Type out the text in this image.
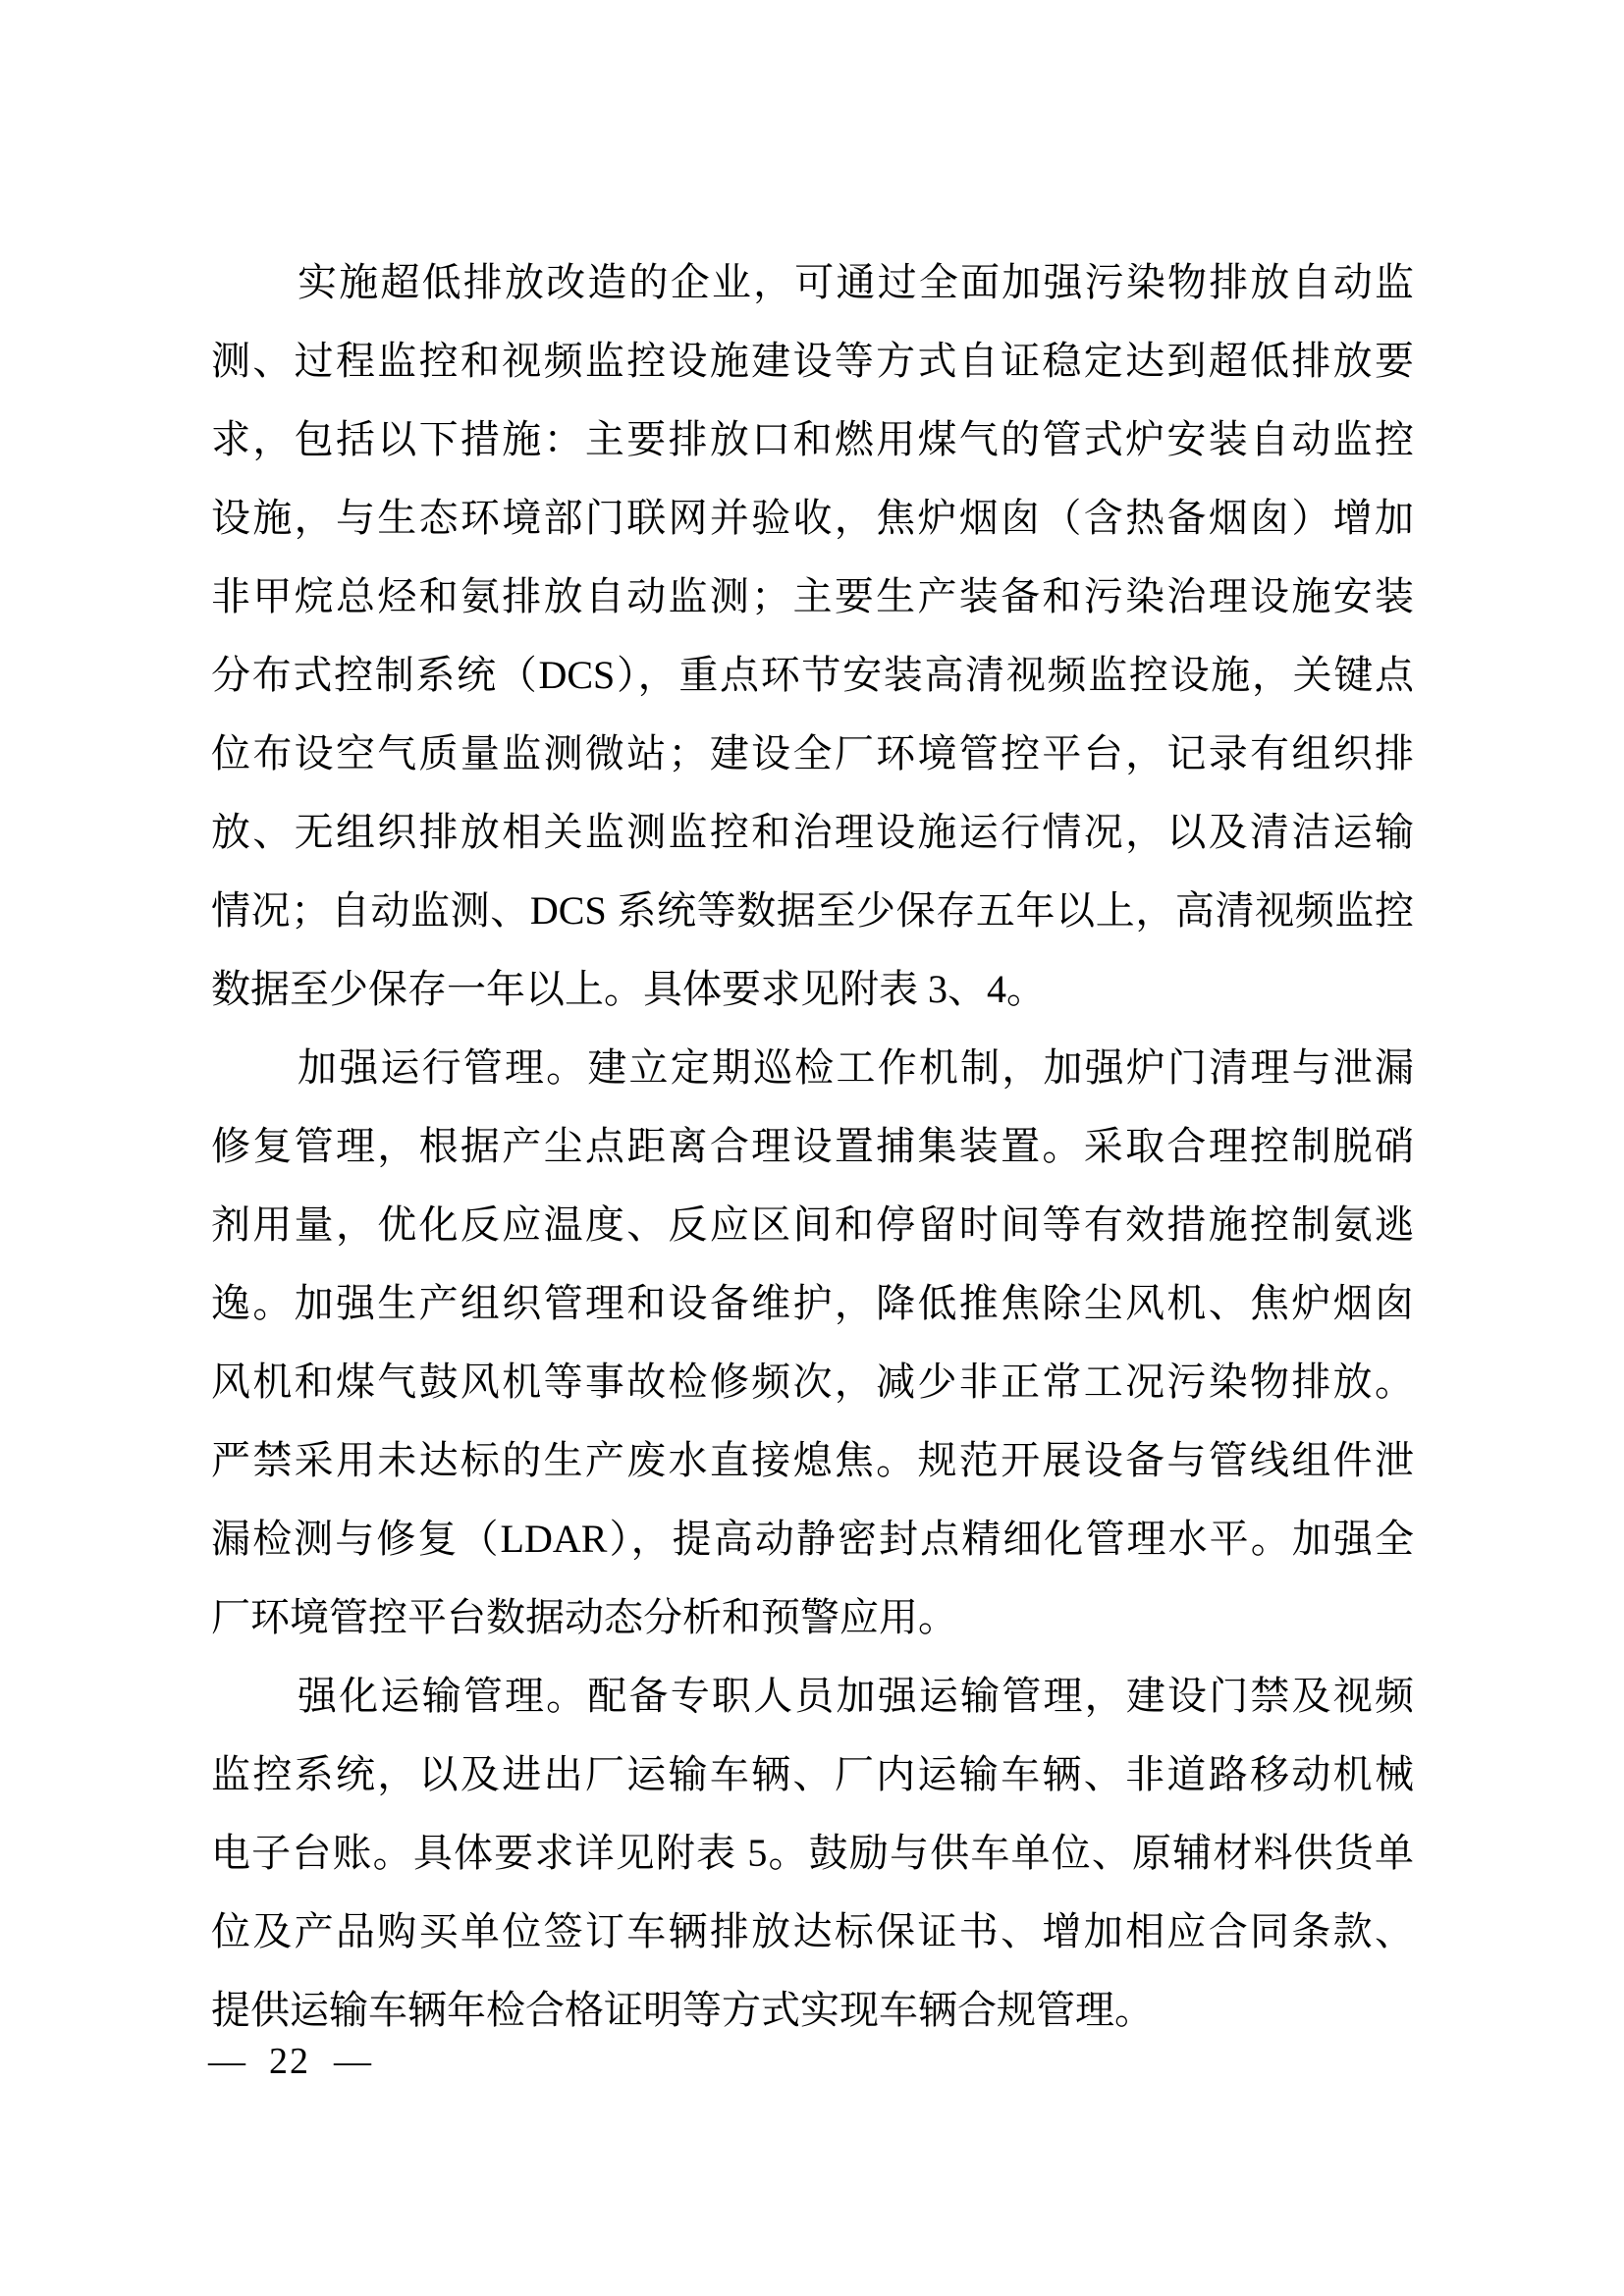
实施超低排放改造的企业，可通过全面加强污染物排放自动监
测、过程监控和视频监控设施建设等方式自证稳定达到超低排放要
求，包括以下措施：主要排放口和燃用煤气的管式炉安装自动监控
设施，与生态环境部门联网并验收，焦炉烟囱（含热备烟囱）增加
非甲烷总烃和氨排放自动监测；主要生产装备和污染治理设施安装
分布式控制系统（DCS），重点环节安装高清视频监控设施，关键点
位布设空气质量监测微站；建设全厂环境管控平台，记录有组织排
放、无组织排放相关监测监控和治理设施运行情况，以及清洁运输
情况；自动监测、DCS 系统等数据至少保存五年以上，高清视频监控
数据至少保存一年以上。具体要求见附表 3、4。
加强运行管理。建立定期巡检工作机制，加强炉门清理与泄漏
修复管理，根据产尘点距离合理设置捕集装置。采取合理控制脱硝
剂用量，优化反应温度、反应区间和停留时间等有效措施控制氨逃
逸。加强生产组织管理和设备维护，降低推焦除尘风机、焦炉烟囱
风机和煤气鼓风机等事故检修频次，减少非正常工况污染物排放。
严禁采用未达标的生产废水直接熄焦。规范开展设备与管线组件泄
漏检测与修复（LDAR），提高动静密封点精细化管理水平。加强全
厂环境管控平台数据动态分析和预警应用。
强化运输管理。配备专职人员加强运输管理，建设门禁及视频
监控系统，以及进出厂运输车辆、厂内运输车辆、非道路移动机械
电子台账。具体要求详见附表 5。鼓励与供车单位、原辅材料供货单
位及产品购买单位签订车辆排放达标保证书、增加相应合同条款、
提供运输车辆年检合格证明等方式实现车辆合规管理。
— 22 —
